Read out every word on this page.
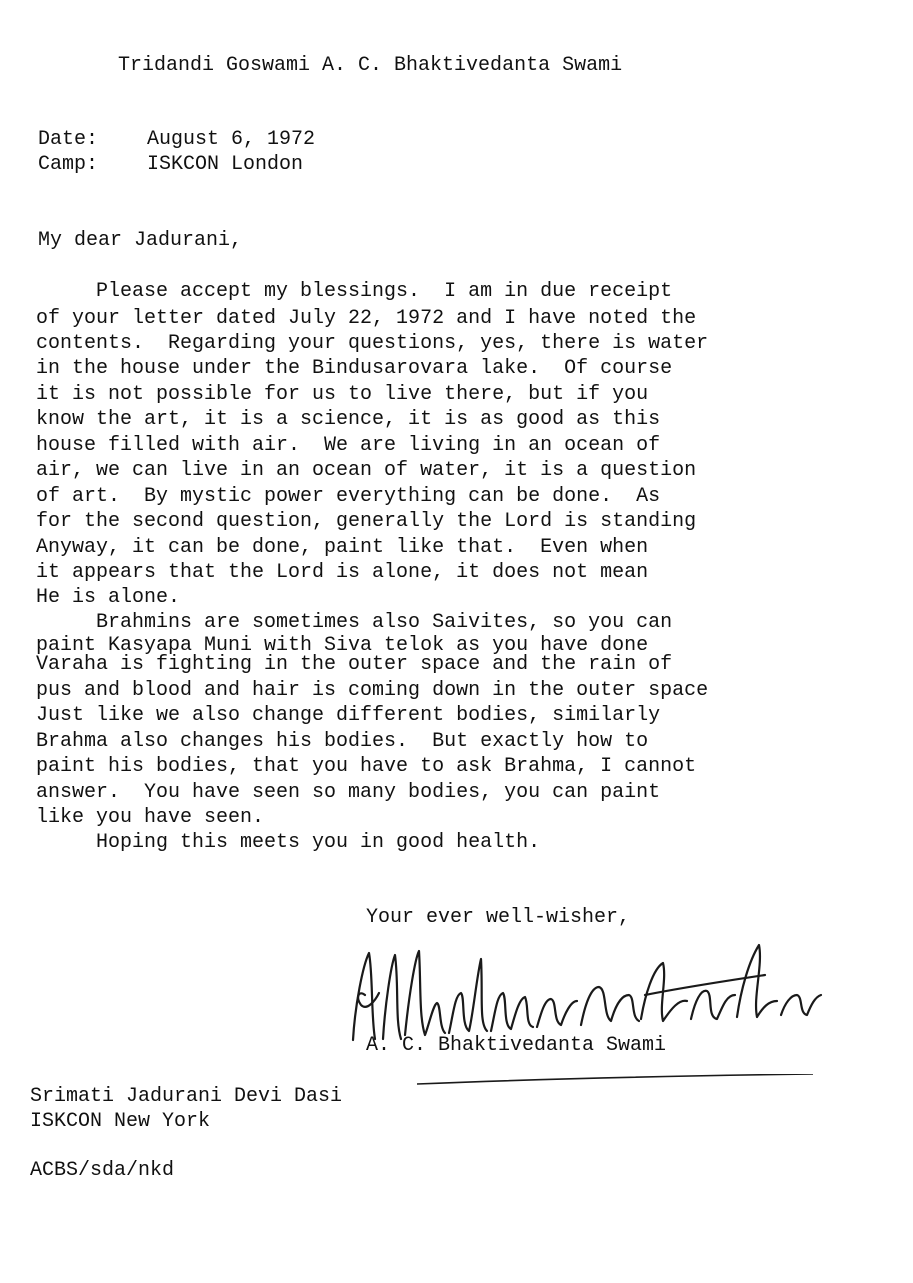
Tridandi Goswami A. C. Bhaktivedanta Swami
Date: August 6, 1972
Camp: ISKCON London
My dear Jadurani,
Please accept my blessings.  I am in due receipt
of your letter dated July 22, 1972 and I have noted the
contents.  Regarding your questions, yes, there is water
in the house under the Bindusarovara lake.  Of course
it is not possible for us to live there, but if you
know the art, it is a science, it is as good as this
house filled with air.  We are living in an ocean of
air, we can live in an ocean of water, it is a question
of art.  By mystic power everything can be done.  As
for the second question, generally the Lord is standing
Anyway, it can be done, paint like that.  Even when
it appears that the Lord is alone, it does not mean
He is alone.
Brahmins are sometimes also Saivites, so you can
paint Kasyapa Muni with Siva telok as you have done
Varaha is fighting in the outer space and the rain of
pus and blood and hair is coming down in the outer space
Just like we also change different bodies, similarly
Brahma also changes his bodies.  But exactly how to
paint his bodies, that you have to ask Brahma, I cannot
answer.  You have seen so many bodies, you can paint
like you have seen.
Hoping this meets you in good health.
Your ever well-wisher,
A. C. Bhaktivedanta Swami
Srimati Jadurani Devi Dasi
ISKCON New York
ACBS/sda/nkd
